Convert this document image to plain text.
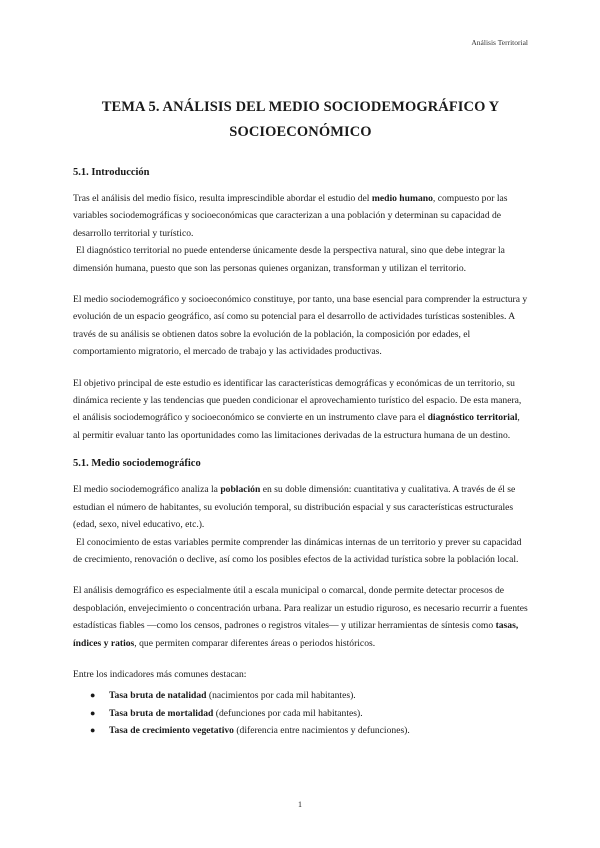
Análisis Territorial
TEMA 5. ANÁLISIS DEL MEDIO SOCIODEMOGRÁFICO Y
SOCIOECONÓMICO
5.1. Introducción

Tras el análisis del medio físico, resulta imprescindible abordar el estudio del medio humano, compuesto por las variables sociodemográficas y socioeconómicas que caracterizan a una población y determinan su capacidad de desarrollo territorial y turístico.
El diagnóstico territorial no puede entenderse únicamente desde la perspectiva natural, sino que debe integrar la dimensión humana, puesto que son las personas quienes organizan, transforman y utilizan el territorio.

El medio sociodemográfico y socioeconómico constituye, por tanto, una base esencial para comprender la estructura y evolución de un espacio geográfico, así como su potencial para el desarrollo de actividades turísticas sostenibles. A través de su análisis se obtienen datos sobre la evolución de la población, la composición por edades, el comportamiento migratorio, el mercado de trabajo y las actividades productivas.

El objetivo principal de este estudio es identificar las características demográficas y económicas de un territorio, su dinámica reciente y las tendencias que pueden condicionar el aprovechamiento turístico del espacio. De esta manera, el análisis sociodemográfico y socioeconómico se convierte en un instrumento clave para el diagnóstico territorial, al permitir evaluar tanto las oportunidades como las limitaciones derivadas de la estructura humana de un destino.

5.1. Medio sociodemográfico

El medio sociodemográfico analiza la población en su doble dimensión: cuantitativa y cualitativa. A través de él se estudian el número de habitantes, su evolución temporal, su distribución espacial y sus características estructurales (edad, sexo, nivel educativo, etc.).
El conocimiento de estas variables permite comprender las dinámicas internas de un territorio y prever su capacidad de crecimiento, renovación o declive, así como los posibles efectos de la actividad turística sobre la población local.

El análisis demográfico es especialmente útil a escala municipal o comarcal, donde permite detectar procesos de despoblación, envejecimiento o concentración urbana. Para realizar un estudio riguroso, es necesario recurrir a fuentes estadísticas fiables —como los censos, padrones o registros vitales— y utilizar herramientas de síntesis como tasas, índices y ratios, que permiten comparar diferentes áreas o periodos históricos.

Entre los indicadores más comunes destacan:

● Tasa bruta de natalidad (nacimientos por cada mil habitantes).
● Tasa bruta de mortalidad (defunciones por cada mil habitantes).
● Tasa de crecimiento vegetativo (diferencia entre nacimientos y defunciones).
1
